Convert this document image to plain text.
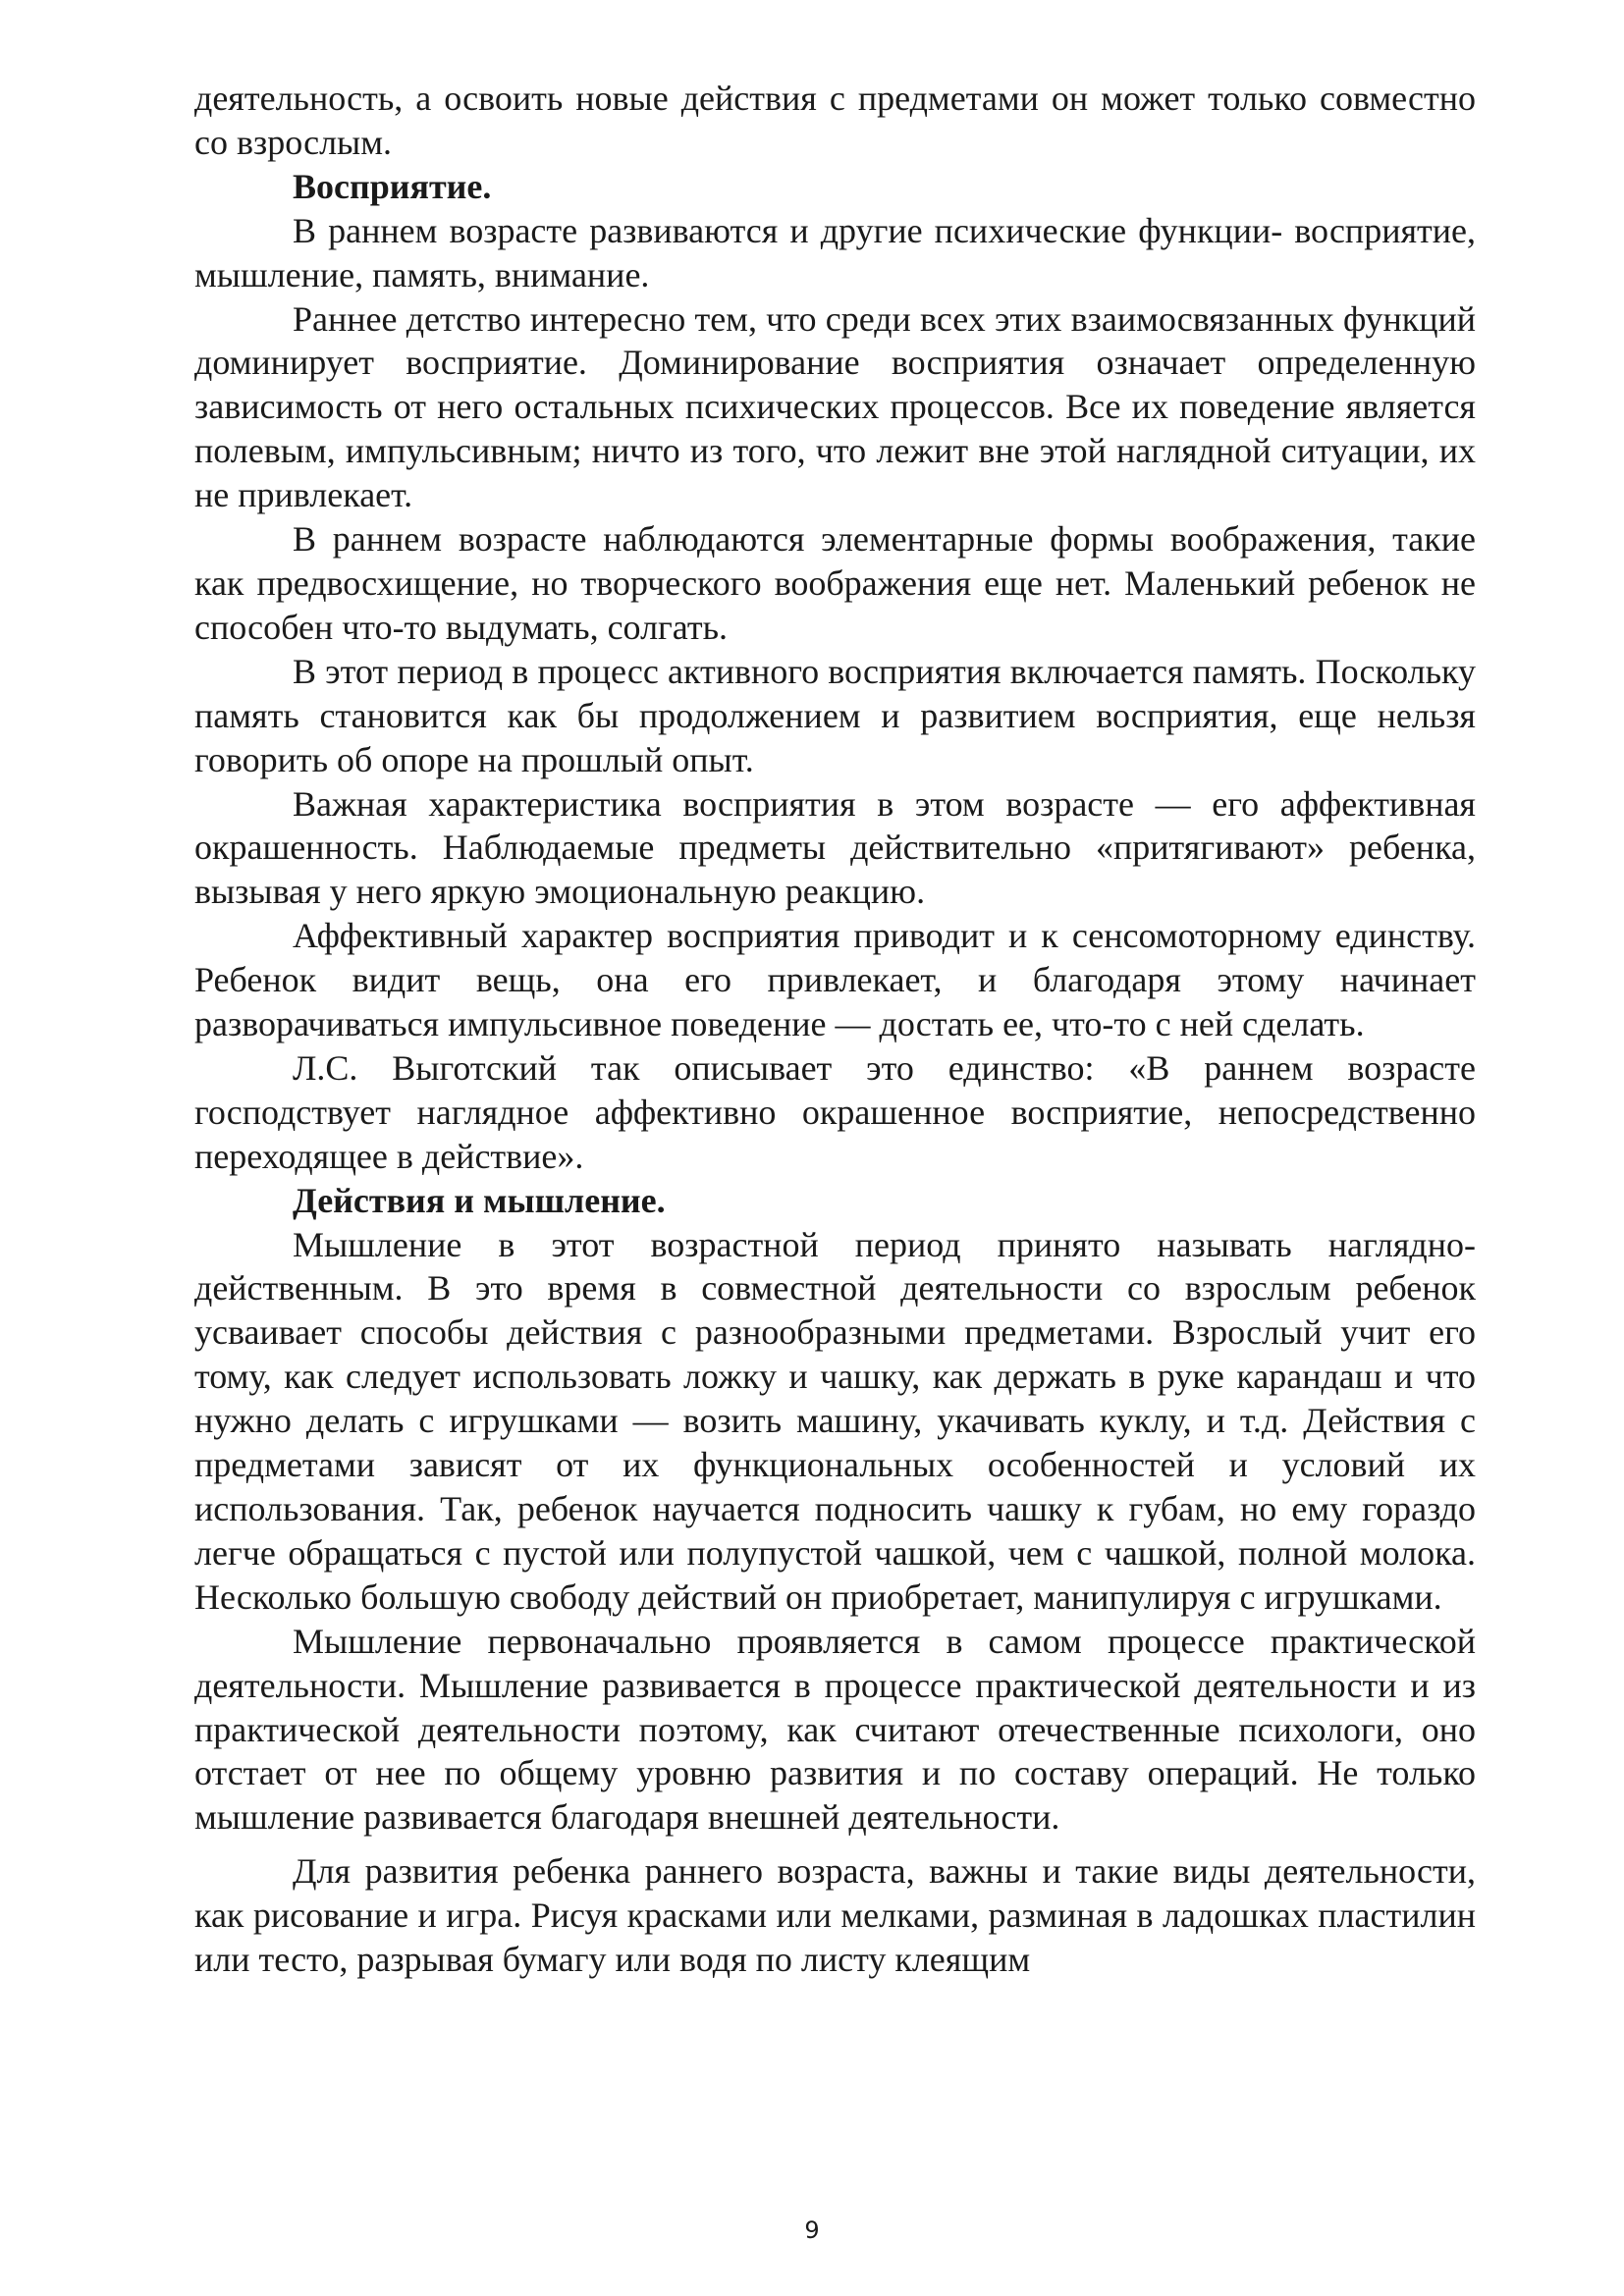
деятельность, а освоить новые действия с предметами он может только совместно со взрослым.

Восприятие.

В раннем возрасте развиваются и другие психические функции- восприятие, мышление, память, внимание.

Раннее детство интересно тем, что среди всех этих взаимосвязанных функций доминирует восприятие. Доминирование восприятия означает определенную зависимость от него остальных психических процессов. Все их поведение является полевым, импульсивным; ничто из того, что лежит вне этой наглядной ситуации, их не привлекает.

В раннем возрасте наблюдаются элементарные формы воображения, такие как предвосхищение, но творческого воображения еще нет. Маленький ребенок не способен что-то выдумать, солгать.

В этот период в процесс активного восприятия включается память. Поскольку память становится как бы продолжением и развитием восприятия, еще нельзя говорить об опоре на прошлый опыт.

Важная характеристика восприятия в этом возрасте — его аффективная окрашенность. Наблюдаемые предметы действительно «притягивают» ребенка, вызывая у него яркую эмоциональную реакцию.

Аффективный характер восприятия приводит и к сенсомоторному единству. Ребенок видит вещь, она его привлекает, и благодаря этому начинает разворачиваться импульсивное поведение — достать ее, что-то с ней сделать.

Л.С. Выготский так описывает это единство: «В раннем возрасте господствует наглядное аффективно окрашенное восприятие, непосредственно переходящее в действие».

Действия и мышление.

Мышление в этот возрастной период принято называть наглядно-действенным. В это время в совместной деятельности со взрослым ребенок усваивает способы действия с разнообразными предметами. Взрослый учит его тому, как следует использовать ложку и чашку, как держать в руке карандаш и что нужно делать с игрушками — возить машину, укачивать куклу, и т.д. Действия с предметами зависят от их функциональных особенностей и условий их использования. Так, ребенок научается подносить чашку к губам, но ему гораздо легче обращаться с пустой или полупустой чашкой, чем с чашкой, полной молока. Несколько большую свободу действий он приобретает, манипулируя с игрушками.

Мышление первоначально проявляется в самом процессе практической деятельности. Мышление развивается в процессе практической деятельности и из практической деятельности поэтому, как считают отечественные психологи, оно отстает от нее по общему уровню развития и по составу операций. Не только мышление развивается благодаря внешней деятельности.

Для развития ребенка раннего возраста, важны и такие виды деятельности, как рисование и игра. Рисуя красками или мелками, разминая в ладошках пластилин или тесто, разрывая бумагу или водя по листу клеящим

9
